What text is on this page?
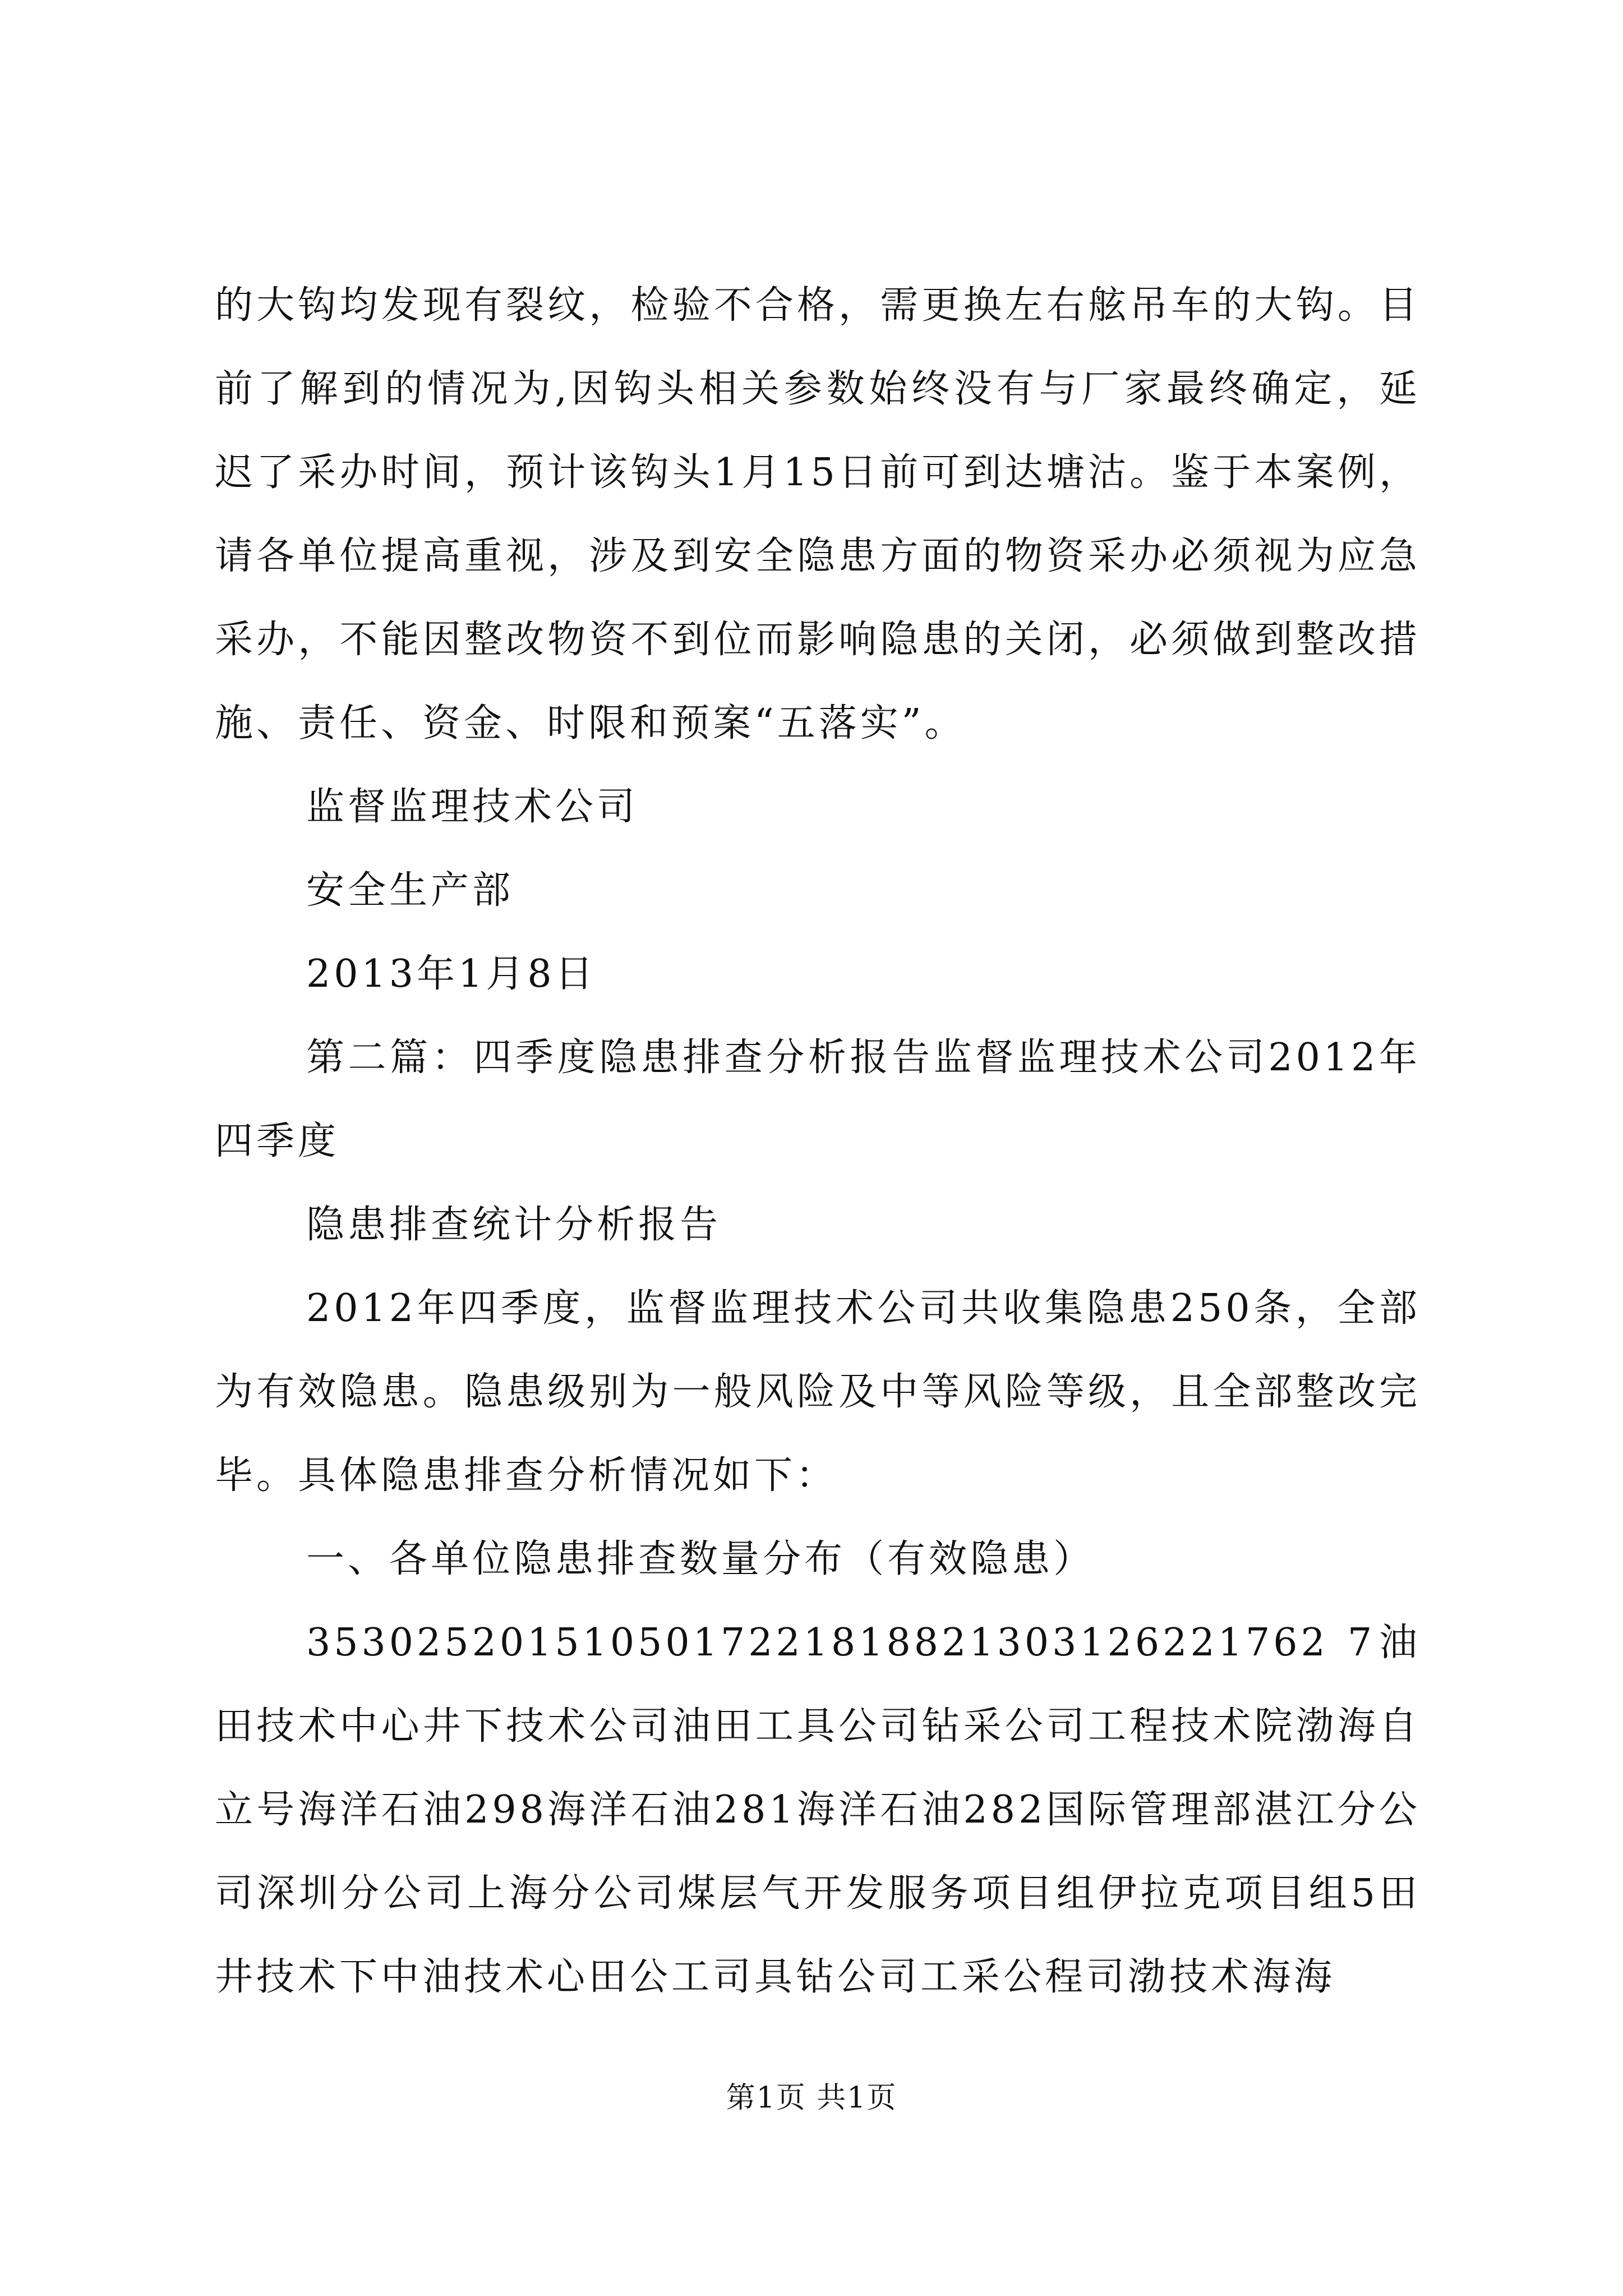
的大钩均发现有裂纹，检验不合格，需更换左右舷吊车的大钩。目前了解到的情况为,因钩头相关参数始终没有与厂家最终确定，延迟了采办时间，预计该钩头1月15日前可到达塘沽。鉴于本案例，请各单位提高重视，涉及到安全隐患方面的物资采办必须视为应急采办，不能因整改物资不到位而影响隐患的关闭，必须做到整改措施、责任、资金、时限和预案“五落实”。

监督监理技术公司

安全生产部

2013年1月8日

第二篇：四季度隐患排查分析报告监督监理技术公司2012年四季度

隐患排查统计分析报告

2012年四季度，监督监理技术公司共收集隐患250条，全部为有效隐患。隐患级别为一般风险及中等风险等级，且全部整改完毕。具体隐患排查分析情况如下：

一、各单位隐患排查数量分布（有效隐患）

3530252015105017221818821303126221762 7油田技术中心井下技术公司油田工具公司钻采公司工程技术院渤海自立号海洋石油298海洋石油281海洋石油282国际管理部湛江分公司深圳分公司上海分公司煤层气开发服务项目组伊拉克项目组5田井技术下中油技术心田公工司具钻公司工采公程司渤技术海海

第1页 共1页
